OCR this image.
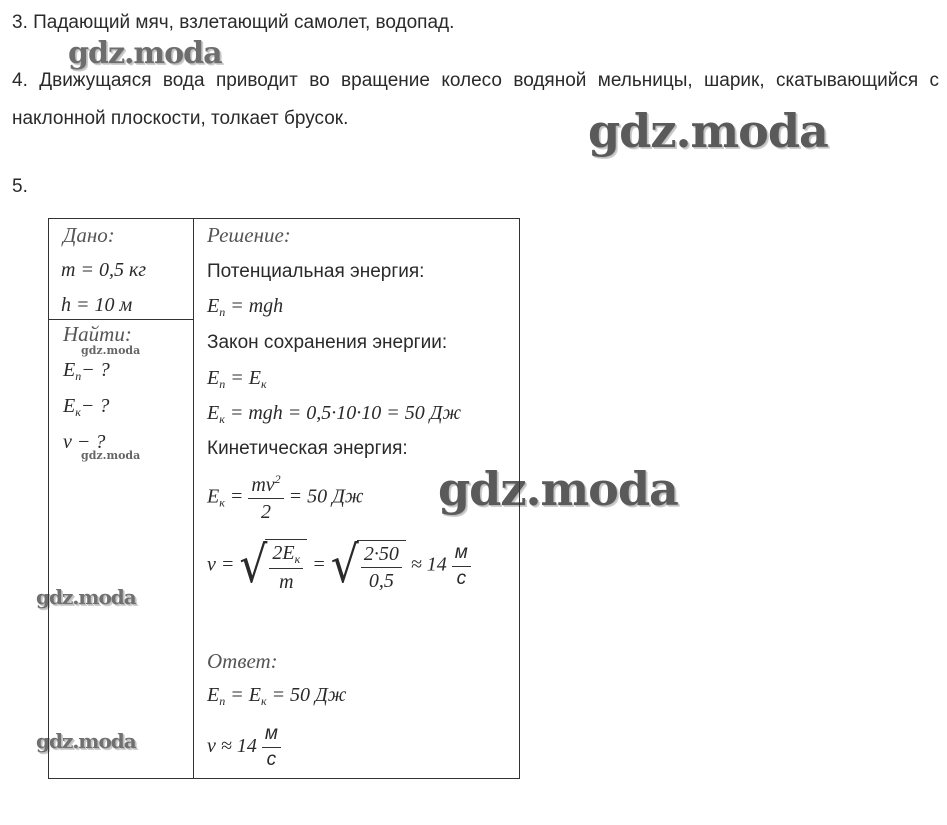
3. Падающий мяч, взлетающий самолет, водопад.
4. Движущаяся вода приводит во вращение колесо водяной мельницы, шарик, скатывающийся с наклонной плоскости, толкает брусок.
5.
gdz.moda
gdz.moda
gdz.moda
gdz.moda
gdz.moda
Дано:
m = 0,5 кг
h = 10 м
Найти:
gdz.moda
$E_п-$ ?
$E_к-$ ?
v − ?
gdz.moda
Решение:
Потенциальная энергия:
$E_п$ = mgh
Закон сохранения энергии:
$E_п = E_к$
$E_к$ = mgh = 0,5·10·10 = 50 Дж
Кинетическая энергия:
$E_к = \frac{mv^2}{2} = 50$ Дж
v = √ $\frac{2E_к}{m}$ = √ $\frac{2\cdot 50}{0,5} \approx 14 \frac{м}{с}$
Ответ:
$E_п = E_к = 50$ Дж
$v \approx 14 \frac{м}{с}$
